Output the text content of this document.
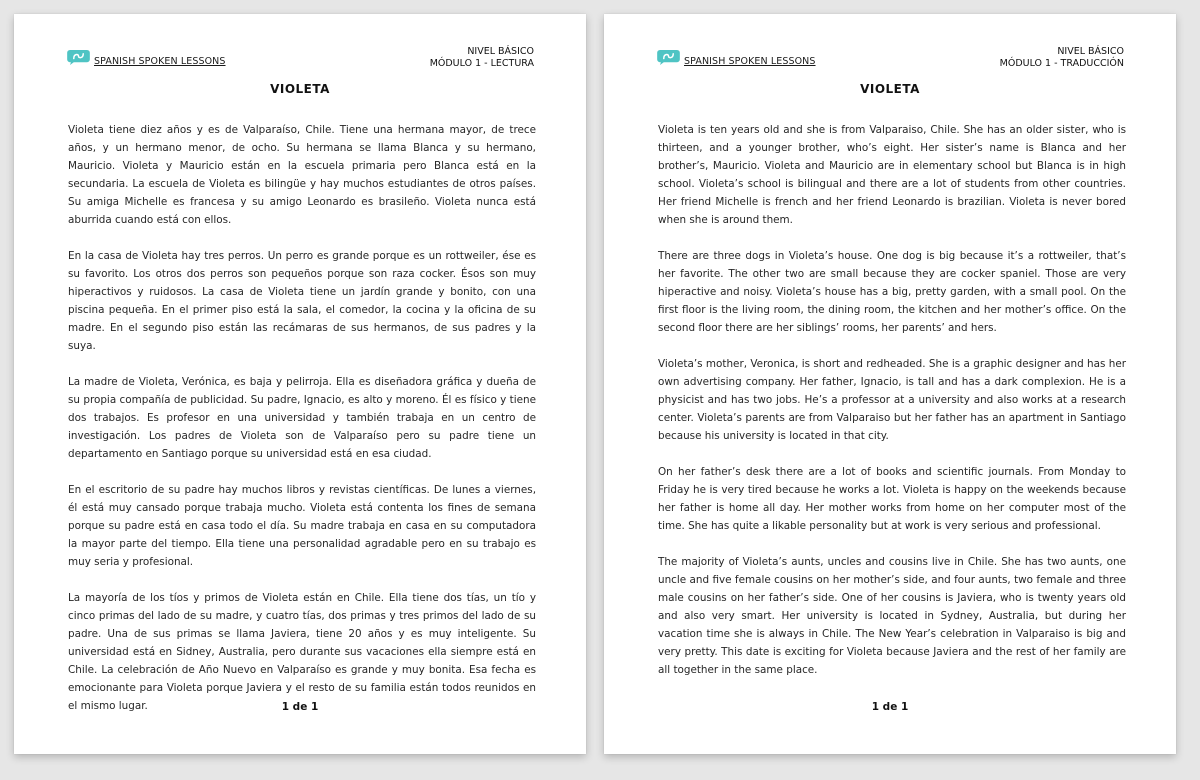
SPANISH SPOKEN LESSONS
NIVEL BÁSICO
MÓDULO 1 - LECTURA
VIOLETA

Violeta tiene diez años y es de Valparaíso, Chile. Tiene una hermana mayor, de trece años, y un hermano menor, de ocho. Su hermana se llama Blanca y su hermano, Mauricio. Violeta y Mauricio están en la escuela primaria pero Blanca está en la secundaria. La escuela de Violeta es bilingüe y hay muchos estudiantes de otros países. Su amiga Michelle es francesa y su amigo Leonardo es brasileño. Violeta nunca está aburrida cuando está con ellos.

En la casa de Violeta hay tres perros. Un perro es grande porque es un rottweiler, ése es su favorito. Los otros dos perros son pequeños porque son raza cocker. Ésos son muy hiperactivos y ruidosos. La casa de Violeta tiene un jardín grande y bonito, con una piscina pequeña. En el primer piso está la sala, el comedor, la cocina y la oficina de su madre. En el segundo piso están las recámaras de sus hermanos, de sus padres y la suya.

La madre de Violeta, Verónica, es baja y pelirroja. Ella es diseñadora gráfica y dueña de su propia compañía de publicidad. Su padre, Ignacio, es alto y moreno. Él es físico y tiene dos trabajos. Es profesor en una universidad y también trabaja en un centro de investigación. Los padres de Violeta son de Valparaíso pero su padre tiene un departamento en Santiago porque su universidad está en esa ciudad.

En el escritorio de su padre hay muchos libros y revistas científicas. De lunes a viernes, él está muy cansado porque trabaja mucho. Violeta está contenta los fines de semana porque su padre está en casa todo el día. Su madre trabaja en casa en su computadora la mayor parte del tiempo. Ella tiene una personalidad agradable pero en su trabajo es muy seria y profesional.

La mayoría de los tíos y primos de Violeta están en Chile. Ella tiene dos tías, un tío y cinco primas del lado de su madre, y cuatro tías, dos primas y tres primos del lado de su padre. Una de sus primas se llama Javiera, tiene 20 años y es muy inteligente. Su universidad está en Sidney, Australia, pero durante sus vacaciones ella siempre está en Chile. La celebración de Año Nuevo en Valparaíso es grande y muy bonita. Esa fecha es emocionante para Violeta porque Javiera y el resto de su familia están todos reunidos en el mismo lugar.	1 de 1
SPANISH SPOKEN LESSONS
NIVEL BÁSICO
MÓDULO 1 - TRADUCCIÓN
VIOLETA

Violeta is ten years old and she is from Valparaiso, Chile. She has an older sister, who is thirteen, and a younger brother, who’s eight. Her sister’s name is Blanca and her brother’s, Mauricio. Violeta and Mauricio are in elementary school but Blanca is in high school. Violeta’s school is bilingual and there are a lot of students from other countries. Her friend Michelle is french and her friend Leonardo is brazilian. Violeta is never bored when she is around them.

There are three dogs in Violeta’s house. One dog is big because it’s a rottweiler, that’s her favorite. The other two are small because they are cocker spaniel. Those are very hiperactive and noisy. Violeta’s house has a big, pretty garden, with a small pool. On the first floor is the living room, the dining room, the kitchen and her mother’s office. On the second floor there are her siblings’ rooms, her parents’ and hers.

Violeta’s mother, Veronica, is short and redheaded. She is a graphic designer and has her own advertising company. Her father, Ignacio, is tall and has a dark complexion. He is a physicist and has two jobs. He’s a professor at a university and also works at a research center. Violeta’s parents are from Valparaiso but her father has an apartment in Santiago because his university is located in that city.

On her father’s desk there are a lot of books and scientific journals. From Monday to Friday he is very tired because he works a lot. Violeta is happy on the weekends because her father is home all day. Her mother works from home on her computer most of the time. She has quite a likable personality but at work is very serious and professional.

The majority of Violeta’s aunts, uncles and cousins live in Chile. She has two aunts, one uncle and five female cousins on her mother’s side, and four aunts, two female and three male cousins on her father’s side. One of her cousins is Javiera, who is twenty years old and also very smart. Her university is located in Sydney, Australia, but during her vacation time she is always in Chile. The New Year’s celebration in Valparaiso is big and very pretty. This date is exciting for Violeta because Javiera and the rest of her family are all together in the same place.

1 de 1
